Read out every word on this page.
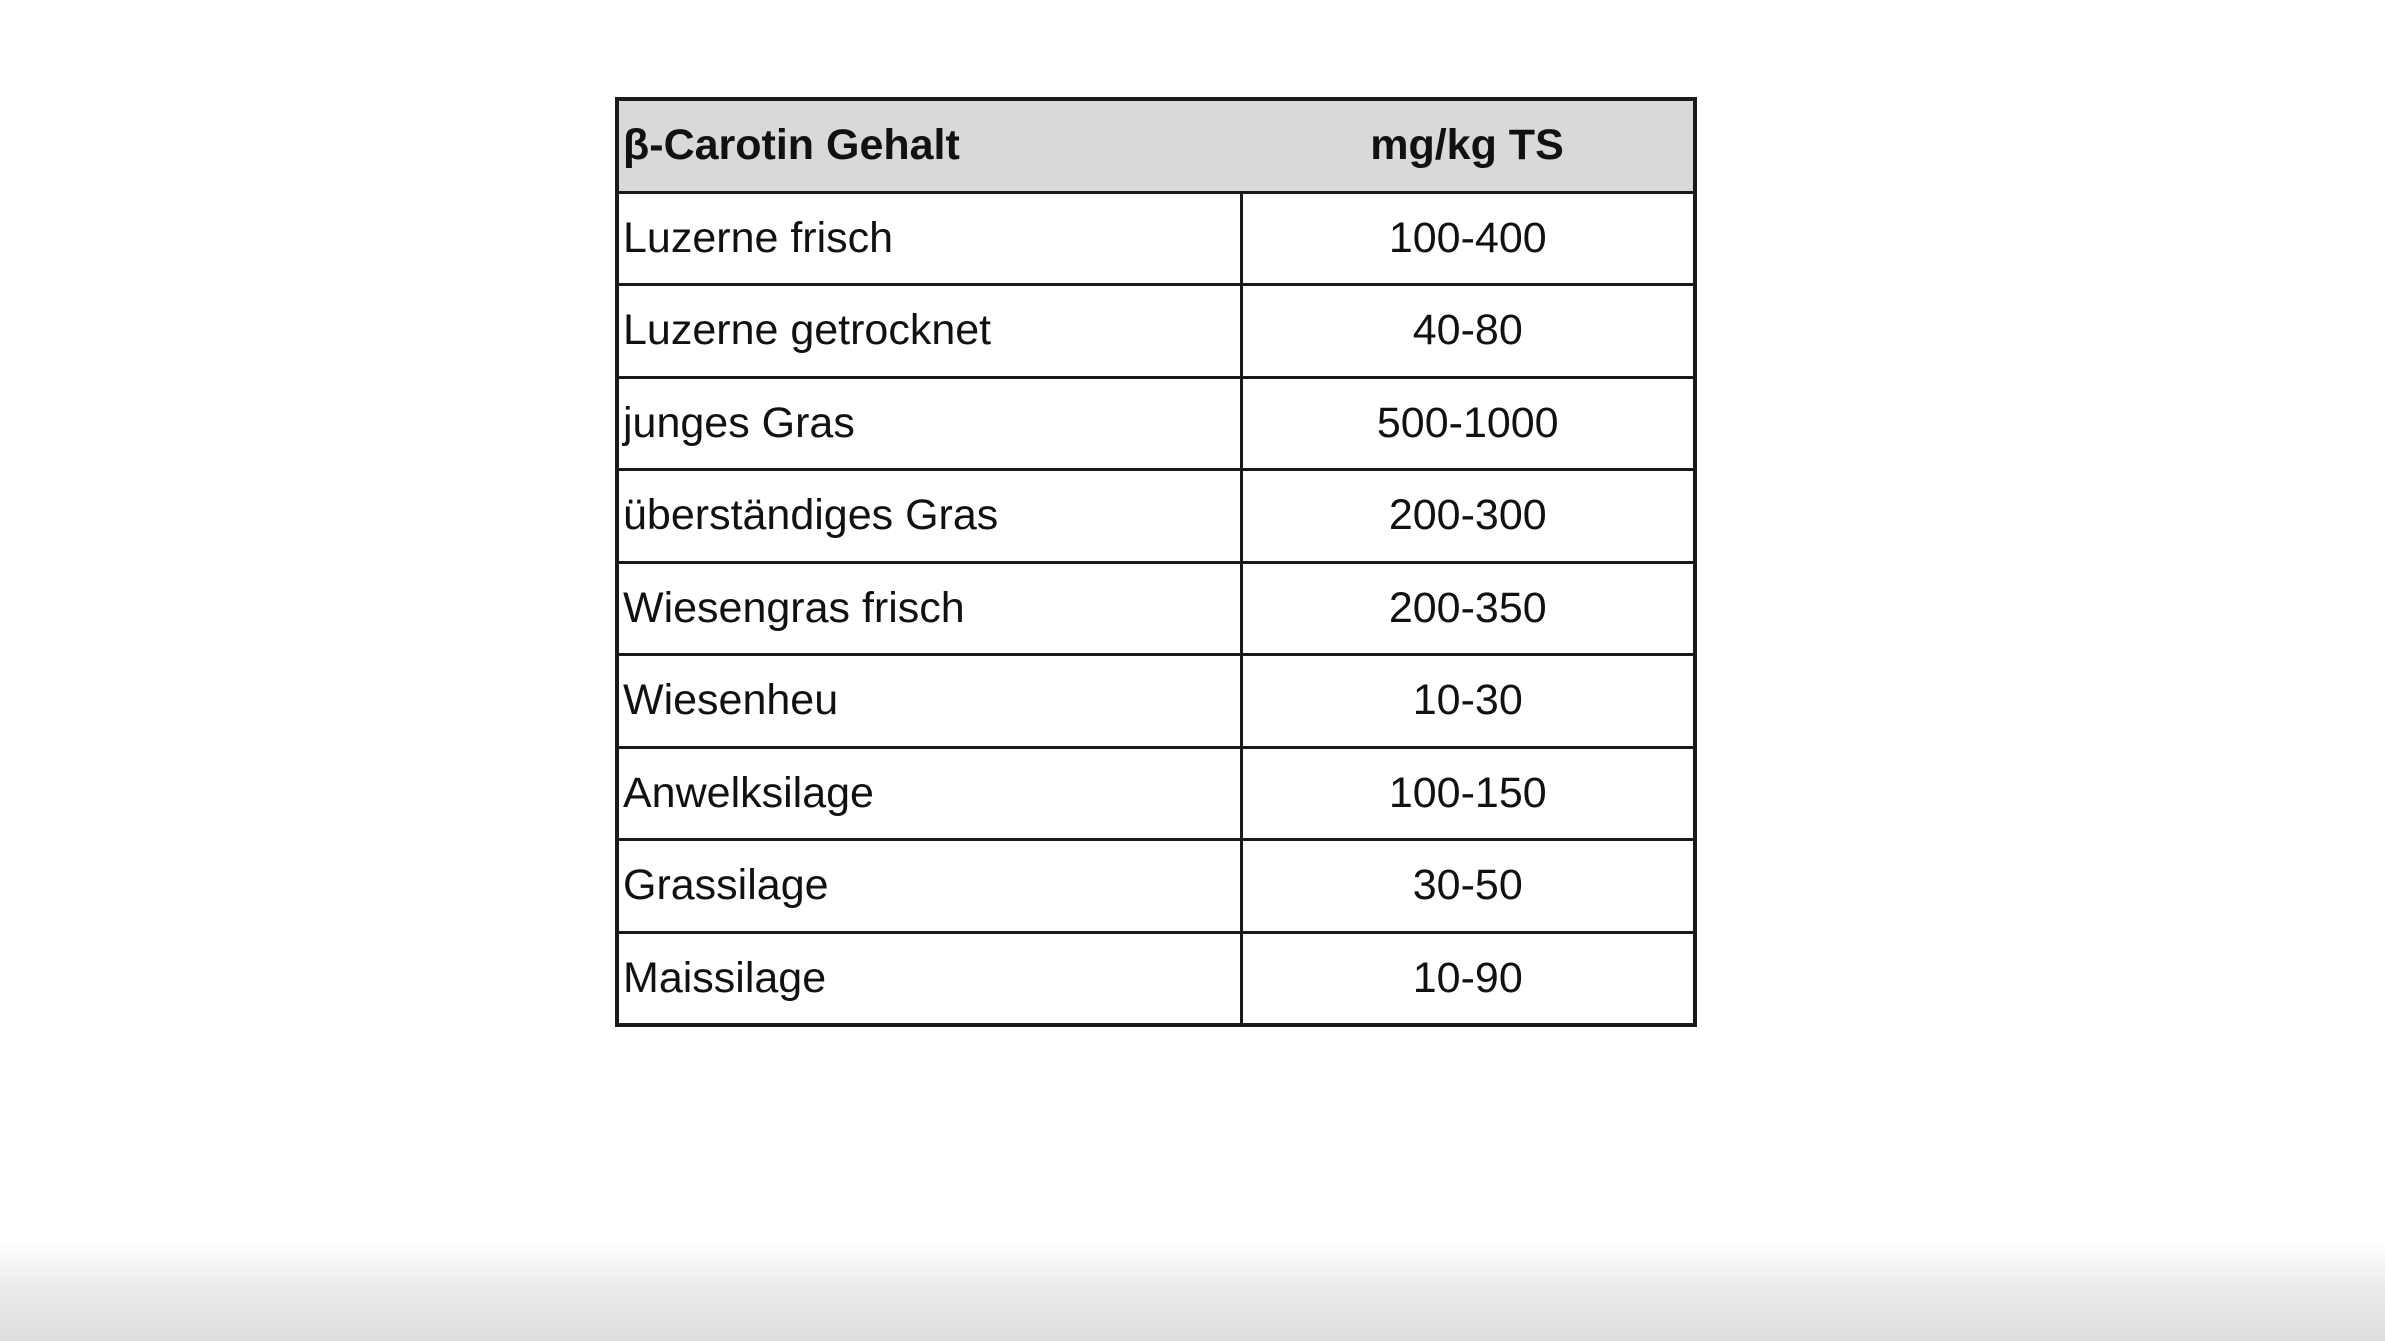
β-Carotin Gehalt	mg/kg TS
Luzerne frisch	100-400
Luzerne getrocknet	40-80
junges Gras	500-1000
überständiges Gras	200-300
Wiesengras frisch	200-350
Wiesenheu	10-30
Anwelksilage	100-150
Grassilage	30-50
Maissilage	10-90
